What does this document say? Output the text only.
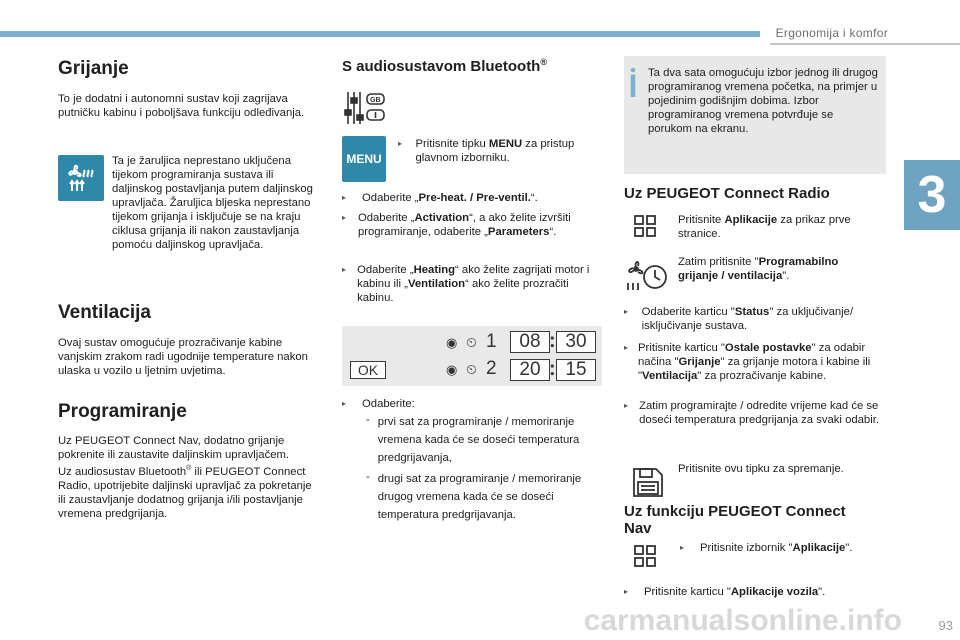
Ergonomija i komfor
3
Grijanje

To je dodatni i autonomni sustav koji zagrijava putničku kabinu i poboljšava funkciju odleđivanja.

Ta je žaruljica neprestano uključena tijekom programiranja sustava ili daljinskog postavljanja putem daljinskog upravljača. Žaruljica bljeska neprestano tijekom grijanja i isključuje se na kraju ciklusa grijanja ili nakon zaustavljanja pomoću daljinskog upravljača.

Ventilacija

Ovaj sustav omogućuje prozračivanje kabine vanjskim zrakom radi ugodnije temperature nakon ulaska u vozilo u ljetnim uvjetima.

Programiranje

Uz PEUGEOT Connect Nav, dodatno grijanje pokrenite ili zaustavite daljinskim upravljačem.

Uz audiosustav Bluetooth® ili PEUGEOT Connect Radio, upotrijebite daljinski upravljač za pokretanje ili zaustavljanje dodatnog grijanja i/ili postavljanje vremena predgrijanja.

S audiosustavom Bluetooth®
GB
MENU
▸	Pritisnite tipku MENU za pristup glavnom izborniku.

▸	Odaberite „Pre-heat. / Pre-ventil.“.

▸ Odaberite „Activation“, a ako želite izvršiti programiranje, odaberite „Parameters“.

▸ Odaberite „Heating“ ako želite zagrijati motor i kabinu ili „Ventilation“ ako želite prozračiti kabinu.

◉ ⏲ 1	08 : 30
OK	◉ ⏲ 2	20 : 15
▸	Odaberite:

- prvi sat za programiranje / memoriranje vremena kada će se doseći temperatura predgrijavanja,

- drugi sat za programiranje / memoriranje drugog vremena kada će se doseći temperatura predgrijavanja.

Ta dva sata omogućuju izbor jednog ili drugog programiranog vremena početka, na primjer u pojedinim godišnjim dobima. Izbor programiranog vremena potvrđuje se porukom na ekranu.

Uz PEUGEOT Connect Radio

Pritisnite Aplikacije za prikaz prve stranice.

Zatim pritisnite "Programabilno grijanje / ventilacija".

▸	Odaberite karticu "Status" za uključivanje/ isključivanje sustava.

▸ Pritisnite karticu "Ostale postavke" za odabir načina "Grijanje" za grijanje motora i kabine ili "Ventilacija" za prozračivanje kabine.

▸ Zatim programirajte / odredite vrijeme kad će se doseći temperatura predgrijanja za svaki odabir.

Pritisnite ovu tipku za spremanje.

Uz funkciju PEUGEOT Connect Nav
▸	Pritisnite izbornik "Aplikacije".

▸	Pritisnite karticu "Aplikacije vozila".

carmanualsonline.info	93
